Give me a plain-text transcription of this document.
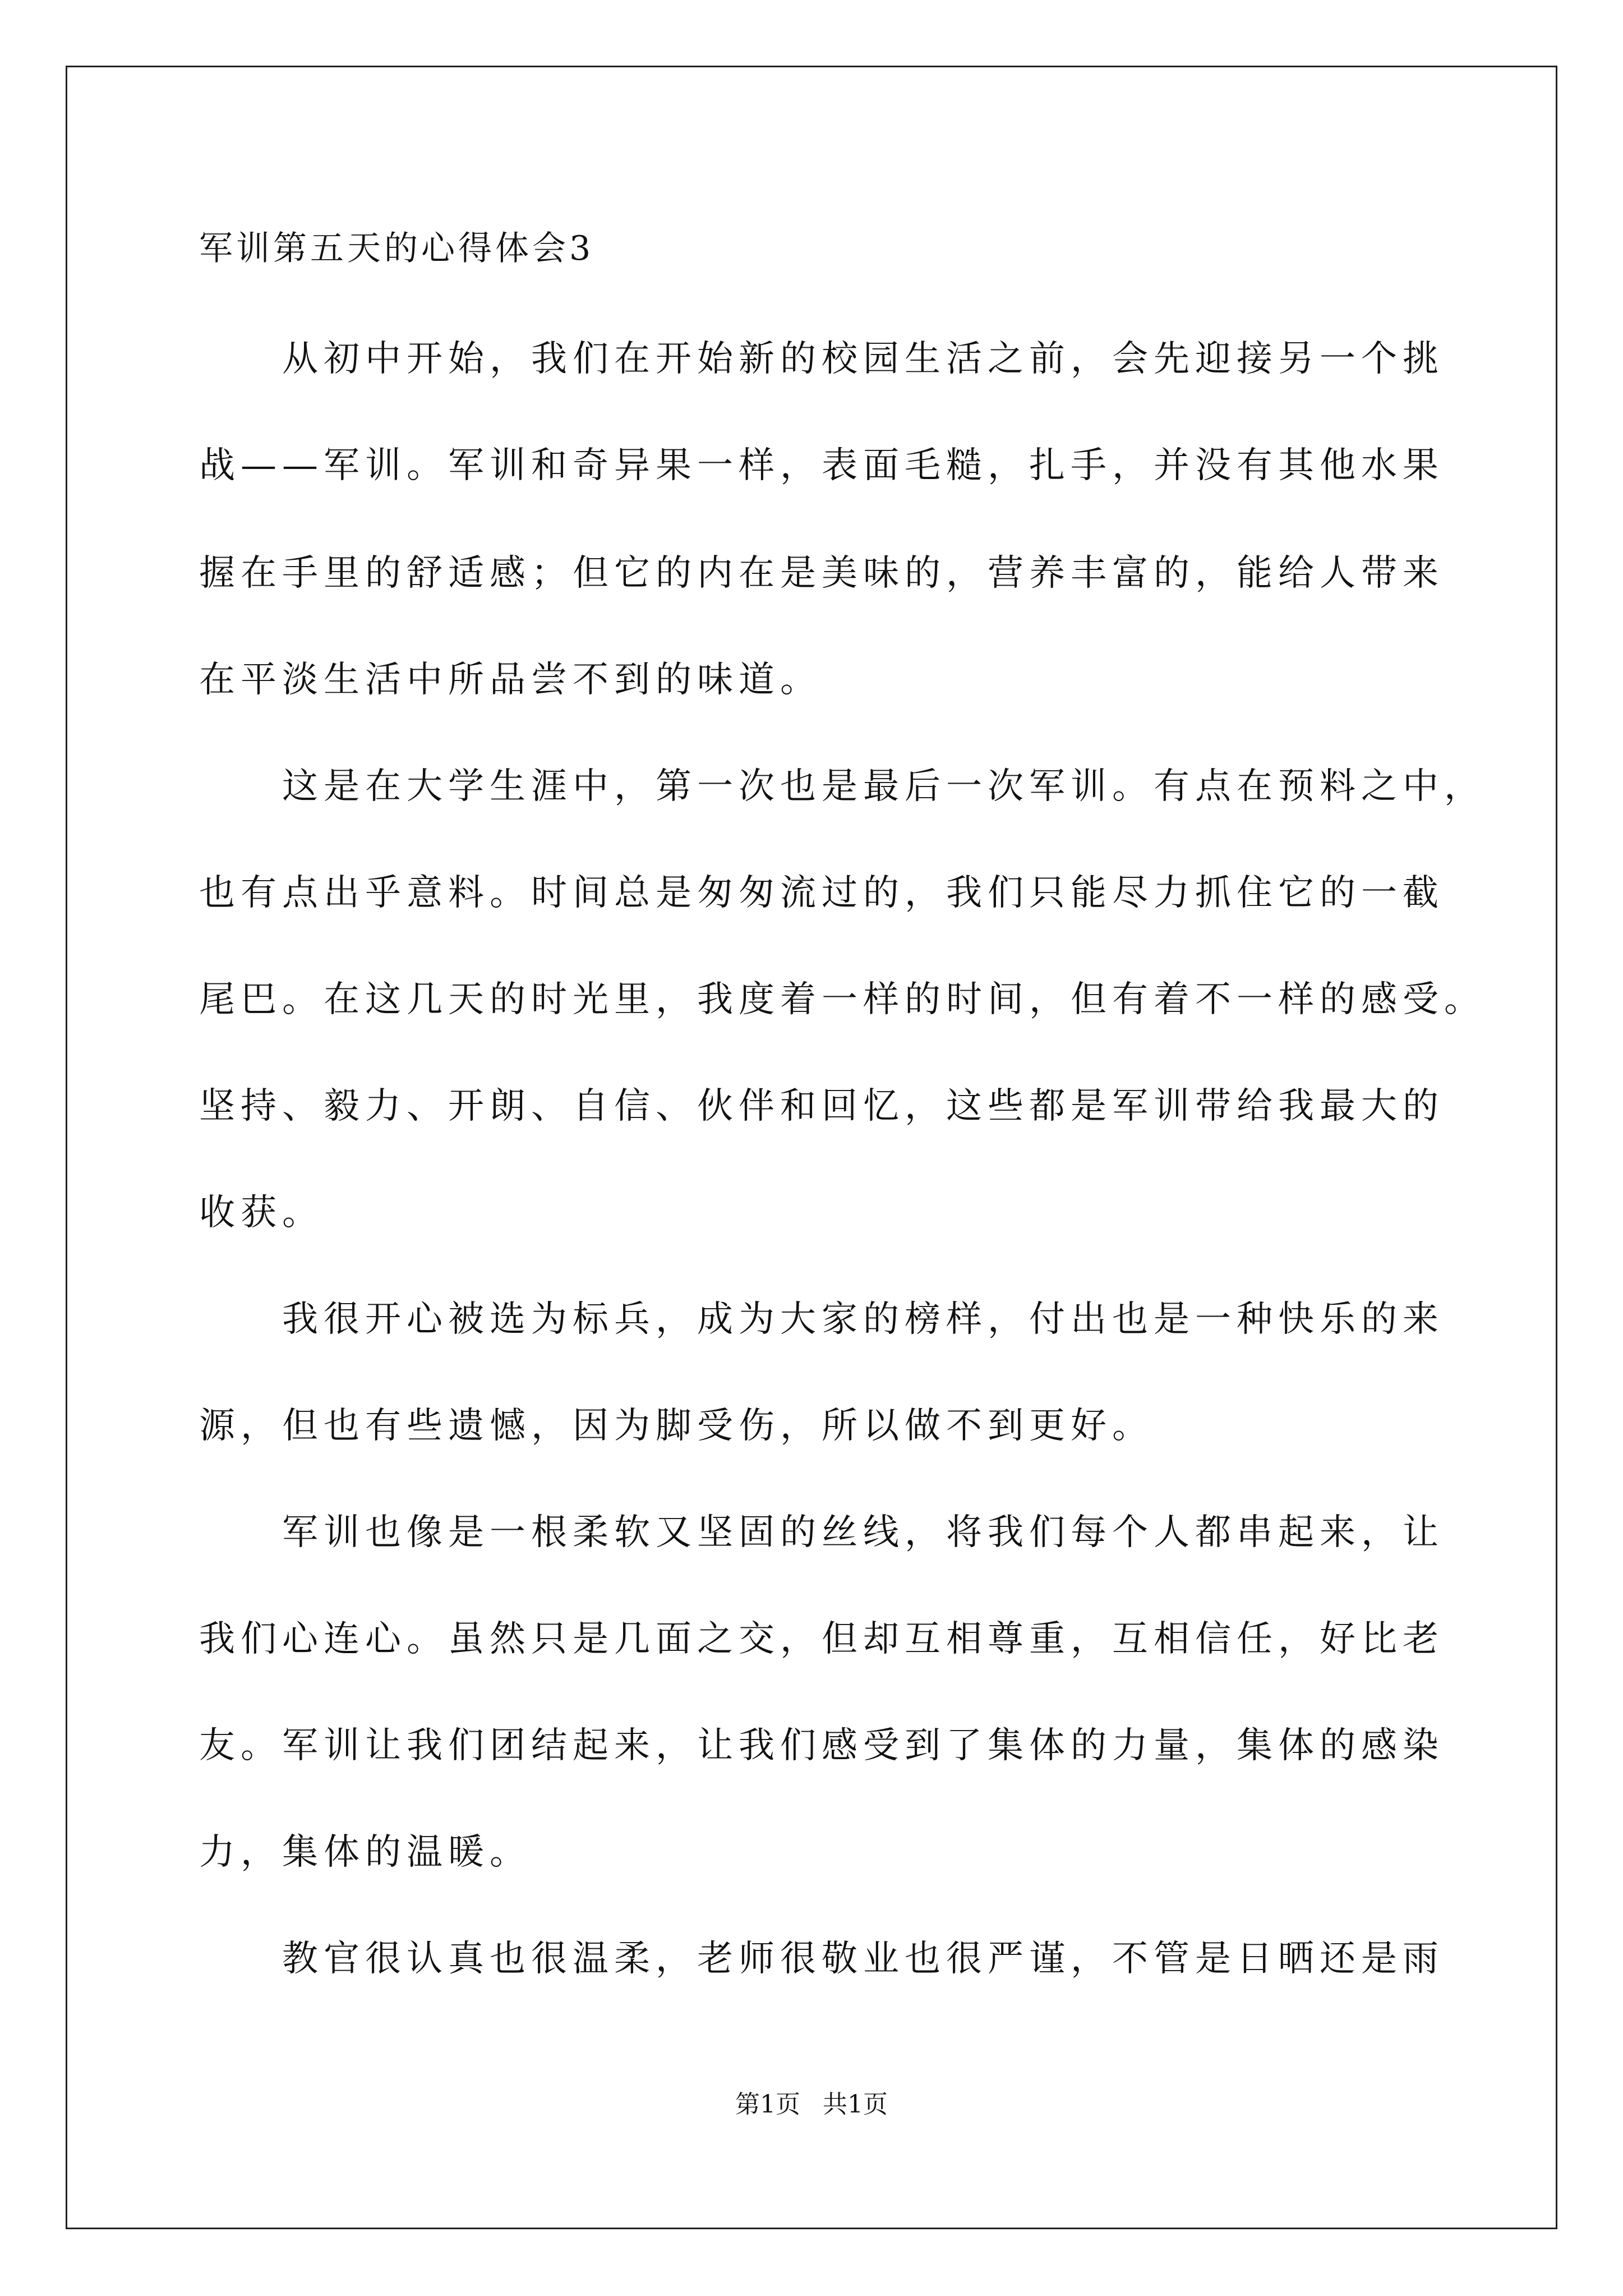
军训第五天的心得体会3
从初中开始，我们在开始新的校园生活之前，会先迎接另一个挑
战——军训。军训和奇异果一样，表面毛糙，扎手，并没有其他水果
握在手里的舒适感；但它的内在是美味的，营养丰富的，能给人带来
在平淡生活中所品尝不到的味道。
这是在大学生涯中，第一次也是最后一次军训。有点在预料之中，
也有点出乎意料。时间总是匆匆流过的，我们只能尽力抓住它的一截
尾巴。在这几天的时光里，我度着一样的时间，但有着不一样的感受。
坚持、毅力、开朗、自信、伙伴和回忆，这些都是军训带给我最大的
收获。
我很开心被选为标兵，成为大家的榜样，付出也是一种快乐的来
源，但也有些遗憾，因为脚受伤，所以做不到更好。
军训也像是一根柔软又坚固的丝线，将我们每个人都串起来，让
我们心连心。虽然只是几面之交，但却互相尊重，互相信任，好比老
友。军训让我们团结起来，让我们感受到了集体的力量，集体的感染
力，集体的温暖。
教官很认真也很温柔，老师很敬业也很严谨，不管是日晒还是雨
第1页 共1页
